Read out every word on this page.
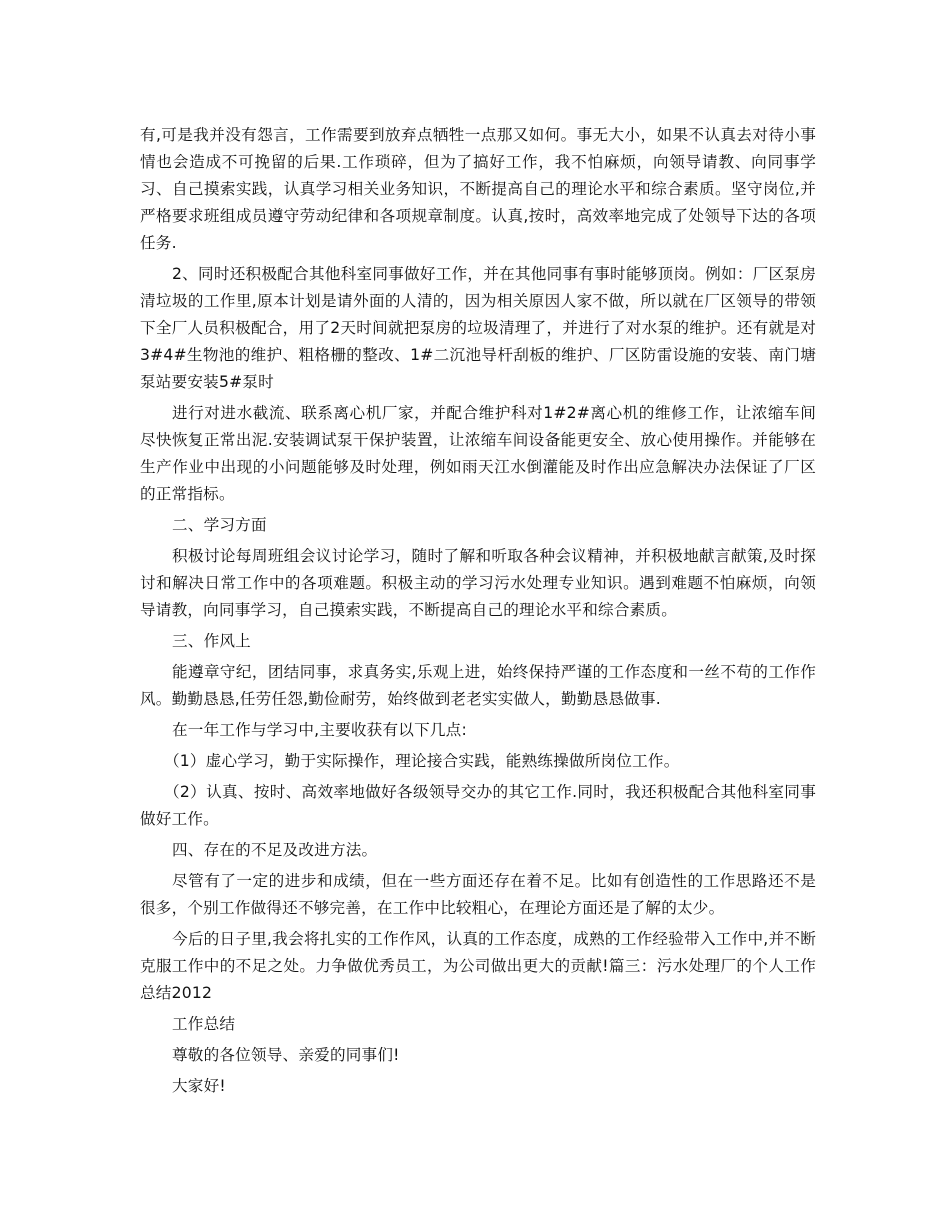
有,可是我并没有怨言，工作需要到放弃点牺牲一点那又如何。事无大小，如果不认真去对待小事情也会造成不可挽留的后果.工作琐碎，但为了搞好工作，我不怕麻烦，向领导请教、向同事学习、自己摸索实践，认真学习相关业务知识，不断提高自己的理论水平和综合素质。坚守岗位,并严格要求班组成员遵守劳动纪律和各项规章制度。认真,按时，高效率地完成了处领导下达的各项任务.

2、同时还积极配合其他科室同事做好工作，并在其他同事有事时能够顶岗。例如：厂区泵房清垃圾的工作里,原本计划是请外面的人清的，因为相关原因人家不做，所以就在厂区领导的带领下全厂人员积极配合，用了2天时间就把泵房的垃圾清理了，并进行了对水泵的维护。还有就是对3#4#生物池的维护、粗格栅的整改、1#二沉池导杆刮板的维护、厂区防雷设施的安装、南门塘泵站要安装5#泵时

进行对进水截流、联系离心机厂家，并配合维护科对1#2#离心机的维修工作，让浓缩车间尽快恢复正常出泥.安装调试泵干保护装置，让浓缩车间设备能更安全、放心使用操作。并能够在生产作业中出现的小问题能够及时处理，例如雨天江水倒灌能及时作出应急解决办法保证了厂区的正常指标。

二、学习方面

积极讨论每周班组会议讨论学习，随时了解和听取各种会议精神，并积极地献言献策,及时探讨和解决日常工作中的各项难题。积极主动的学习污水处理专业知识。遇到难题不怕麻烦，向领导请教，向同事学习，自己摸索实践，不断提高自己的理论水平和综合素质。

三、作风上

能遵章守纪，团结同事，求真务实,乐观上进，始终保持严谨的工作态度和一丝不苟的工作作风。勤勤恳恳,任劳任怨,勤俭耐劳，始终做到老老实实做人，勤勤恳恳做事.

在一年工作与学习中,主要收获有以下几点:

（1）虚心学习，勤于实际操作，理论接合实践，能熟练操做所岗位工作。

（2）认真、按时、高效率地做好各级领导交办的其它工作.同时，我还积极配合其他科室同事做好工作。

四、存在的不足及改进方法。

尽管有了一定的进步和成绩，但在一些方面还存在着不足。比如有创造性的工作思路还不是很多，个别工作做得还不够完善，在工作中比较粗心，在理论方面还是了解的太少。

今后的日子里,我会将扎实的工作作风，认真的工作态度，成熟的工作经验带入工作中,并不断克服工作中的不足之处。力争做优秀员工，为公司做出更大的贡献!篇三：污水处理厂的个人工作总结2012

工作总结

尊敬的各位领导、亲爱的同事们!

大家好!
